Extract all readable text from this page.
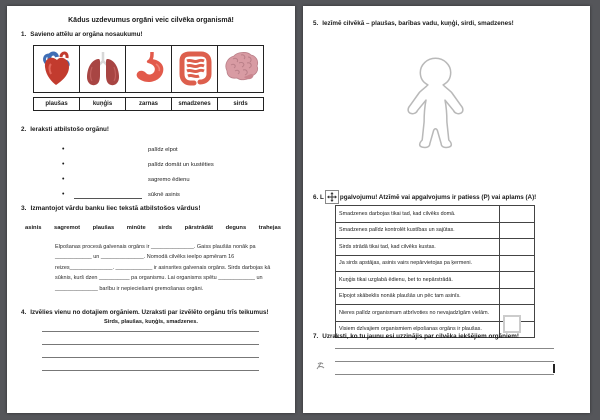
Kādus uzdevumus orgāni veic cilvēka organismā!
1. Savieno attēlu ar orgāna nosaukumu!
plaušas	kuņģis	zarnas	smadzenes	sirds
2. Ieraksti atbilstošo orgānu!
•	palīdz elpot
•	palīdz domāt un kustēties
•	sagremo ēdienu
•	sūknē asinis
3. Izmantojot vārdu banku liec tekstā atbilstošos vārdus!
asinis sagremot plaušas minūte sirds pārstrādāt deguns trahejas
Elpošanas procesā galvenais orgāns ir ______________. Gaiss plaušās nonāk pa
____________ un ______________. Nomodā cilvēks ieelpo apmēram 16
reizes______________. ____________ ir asinsrites galvenais orgāns. Sirds darbojas kā
sūknis, kurš dzen __________ pa organismu. Lai organisms spētu ____________ un
______________ barību ir nepieciešami gremošanas orgāni.
4. Izvēlies vienu no dotajiem orgāniem. Uzraksti par izvēlēto orgānu trīs teikumus!
Sirds, plaušas, kuņģis, smadzenes.
5. Iezīmē cilvēkā – plaušas, barības vadu, kuņģi, sirdi, smadzenes!
6. L	pgalvojumu! Atzīmē vai apgalvojums ir patiess (P) vai aplams (A)!
Smadzenes darbojas tikai tad, kad cilvēks domā.	
Smadzenes palīdz kontrolēt kustības un sajūtas.	
Sirds strādā tikai tad, kad cilvēks kustas.	
Ja sirds apstājas, asinis vairs nepārvietojas pa ķermeni.	
Kuņģis tikai uzglabā ēdienu, bet to nepārstrādā.	
Elpojot skābeklis nonāk plaušās un pēc tam asinīs.	
Nieres palīdz organismam atbrīvoties no nevajadzīgām vielām.	
Visiem dzīvajiem organismiem elpošanas orgāns ir plaušas.	
7. Uzraksti, ko tu jaunu esi uzzinājis par cilvēka iekšējiem orgāniem!
